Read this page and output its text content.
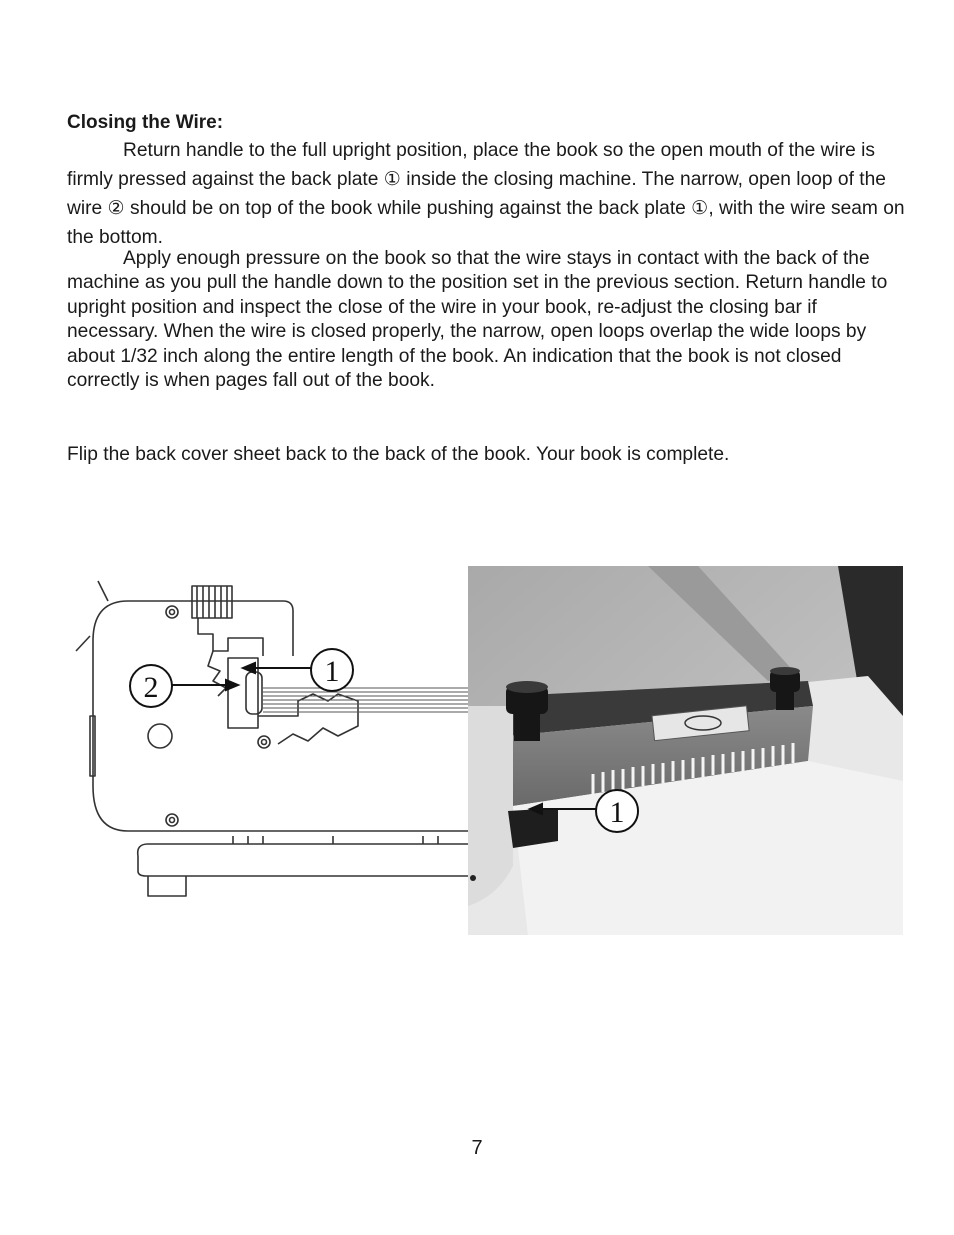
Closing the Wire:

Return handle to the full upright position, place the book so the open mouth of the wire is firmly pressed against the back plate ① inside the closing machine. The narrow, open loop of the wire ② should be on top of the book while pushing against the back plate ①, with the wire seam on the bottom.

Apply enough pressure on the book so that the wire stays in contact with the back of the machine as you pull the handle down to the position set in the previous section. Return handle to upright position and inspect the close of the wire in your book, re-adjust the closing bar if necessary. When the wire is closed properly, the narrow, open loops overlap the wide loops by about 1/32 inch along the entire length of the book. An indication that the book is not closed correctly is when pages fall out of the book.

Flip the back cover sheet back to the back of the book. Your book is complete.

2	1
1
7
